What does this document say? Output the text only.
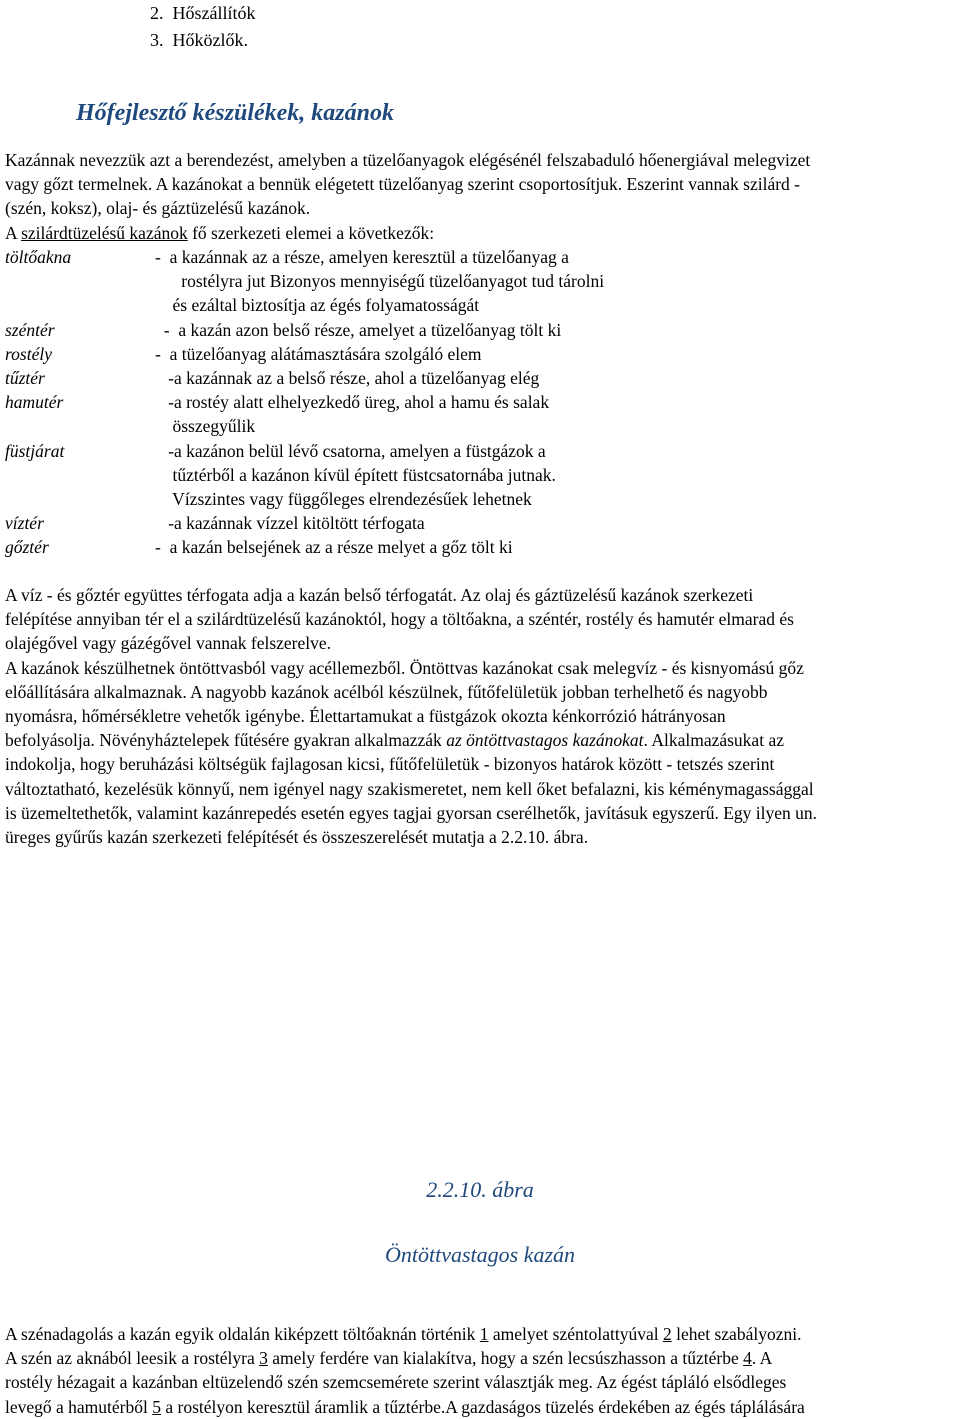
2. Hőszállítók
3. Hőközlők.
Hőfejlesztő készülékek, kazánok
Kazánnak nevezzük azt a berendezést, amelyben a tüzelőanyagok elégésénél felszabaduló hőenergiával melegvizet
vagy gőzt termelnek. A kazánokat a bennük elégetett tüzelőanyag szerint csoportosítjuk. Eszerint vannak szilárd -
(szén, koksz), olaj- és gáztüzelésű kazánok.
A szilárdtüzelésű kazánok fő szerkezeti elemei a következők:
töltőakna	-  a kazánnak az a része, amelyen keresztül a tüzelőanyag a
rostélyra jut Bizonyos mennyiségű tüzelőanyagot tud tárolni
és ezáltal biztosítja az égés folyamatosságát
széntér	-  a kazán azon belső része, amelyet a tüzelőanyag tölt ki
rostély	-  a tüzelőanyag alátámasztására szolgáló elem
tűztér	-a kazánnak az a belső része, ahol a tüzelőanyag elég
hamutér	-a rostéy alatt elhelyezkedő üreg, ahol a hamu és salak
összegyűlik
füstjárat	-a kazánon belül lévő csatorna, amelyen a füstgázok a
tűztérből a kazánon kívül épített füstcsatornába jutnak.
Vízszintes vagy függőleges elrendezésűek lehetnek
víztér	-a kazánnak vízzel kitöltött térfogata
gőztér	-  a kazán belsejének az a része melyet a gőz tölt ki
A víz - és gőztér együttes térfogata adja a kazán belső térfogatát. Az olaj és gáztüzelésű kazánok szerkezeti
felépítése annyiban tér el a szilárdtüzelésű kazánoktól, hogy a töltőakna, a széntér, rostély és hamutér elmarad és
olajégővel vagy gázégővel vannak felszerelve.
A kazánok készülhetnek öntöttvasból vagy acéllemezből. Öntöttvas kazánokat csak melegvíz - és kisnyomású gőz
előállítására alkalmaznak. A nagyobb kazánok acélból készülnek, fűtőfelületük jobban terhelhető és nagyobb
nyomásra, hőmérsékletre vehetők igénybe. Élettartamukat a füstgázok okozta kénkorrózió hátrányosan
befolyásolja. Növényháztelepek fűtésére gyakran alkalmazzák az öntöttvastagos kazánokat. Alkalmazásukat az
indokolja, hogy beruházási költségük fajlagosan kicsi, fűtőfelületük - bizonyos határok között - tetszés szerint
változtatható, kezelésük könnyű, nem igényel nagy szakismeretet, nem kell őket befalazni, kis kéménymagassággal
is üzemeltethetők, valamint kazánrepedés esetén egyes tagjai gyorsan cserélhetők, javításuk egyszerű. Egy ilyen un.
üreges gyűrűs kazán szerkezeti felépítését és összeszerelését mutatja a 2.2.10. ábra.
2.2.10. ábra
Öntöttvastagos kazán
A szénadagolás a kazán egyik oldalán kiképzett töltőaknán történik 1 amelyet széntolattyúval 2 lehet szabályozni.
A szén az aknából leesik a rostélyra 3 amely ferdére van kialakítva, hogy a szén lecsúszhasson a tűztérbe 4. A
rostély hézagait a kazánban eltüzelendő szén szemcsemérete szerint választják meg. Az égést tápláló elsődleges
levegő a hamutérből 5 a rostélyon keresztül áramlik a tűztérbe.A gazdaságos tüzelés érdekében az égés táplálására
